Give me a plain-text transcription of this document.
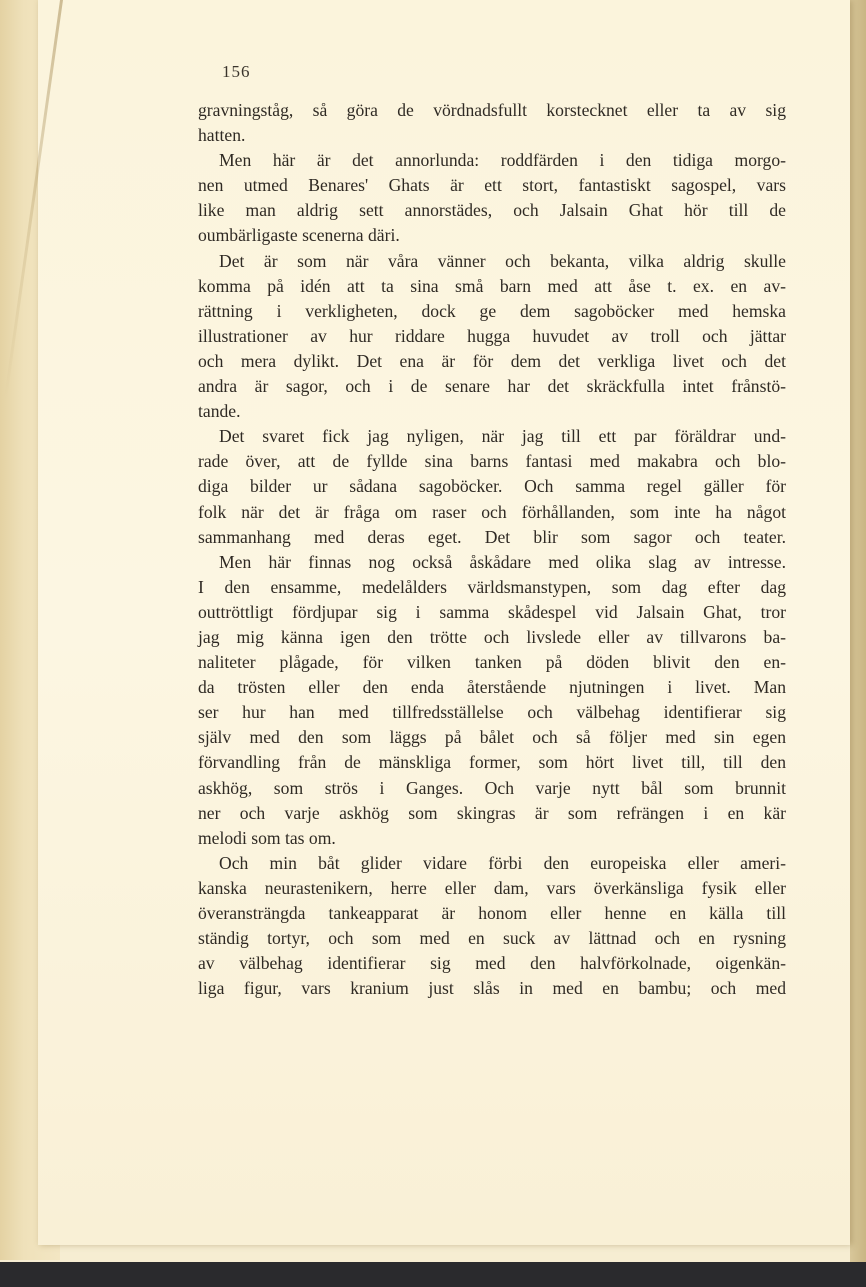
156
gravningståg, så göra de vördnadsfullt korstecknet eller ta av sig
hatten.
Men här är det annorlunda: roddfärden i den tidiga morgo-
nen utmed Benares' Ghats är ett stort, fantastiskt sagospel, vars
like man aldrig sett annorstädes, och Jalsain Ghat hör till de
oumbärligaste scenerna däri.
Det är som när våra vänner och bekanta, vilka aldrig skulle
komma på idén att ta sina små barn med att åse t. ex. en av-
rättning i verkligheten, dock ge dem sagoböcker med hemska
illustrationer av hur riddare hugga huvudet av troll och jättar
och mera dylikt. Det ena är för dem det verkliga livet och det
andra är sagor, och i de senare har det skräckfulla intet frånstö-
tande.
Det svaret fick jag nyligen, när jag till ett par föräldrar und-
rade över, att de fyllde sina barns fantasi med makabra och blo-
diga bilder ur sådana sagoböcker. Och samma regel gäller för
folk när det är fråga om raser och förhållanden, som inte ha något
sammanhang med deras eget. Det blir som sagor och teater.
Men här finnas nog också åskådare med olika slag av intresse.
I den ensamme, medelålders världsmanstypen, som dag efter dag
outtröttligt fördjupar sig i samma skådespel vid Jalsain Ghat, tror
jag mig känna igen den trötte och livslede eller av tillvarons ba-
naliteter plågade, för vilken tanken på döden blivit den en-
da trösten eller den enda återstående njutningen i livet. Man
ser hur han med tillfredsställelse och välbehag identifierar sig
själv med den som läggs på bålet och så följer med sin egen
förvandling från de mänskliga former, som hört livet till, till den
askhög, som strös i Ganges. Och varje nytt bål som brunnit
ner och varje askhög som skingras är som refrängen i en kär
melodi som tas om.
Och min båt glider vidare förbi den europeiska eller ameri-
kanska neurastenikern, herre eller dam, vars överkänsliga fysik eller
överansträngda tankeapparat är honom eller henne en källa till
ständig tortyr, och som med en suck av lättnad och en rysning
av välbehag identifierar sig med den halvförkolnade, oigenkän-
liga figur, vars kranium just slås in med en bambu; och med
